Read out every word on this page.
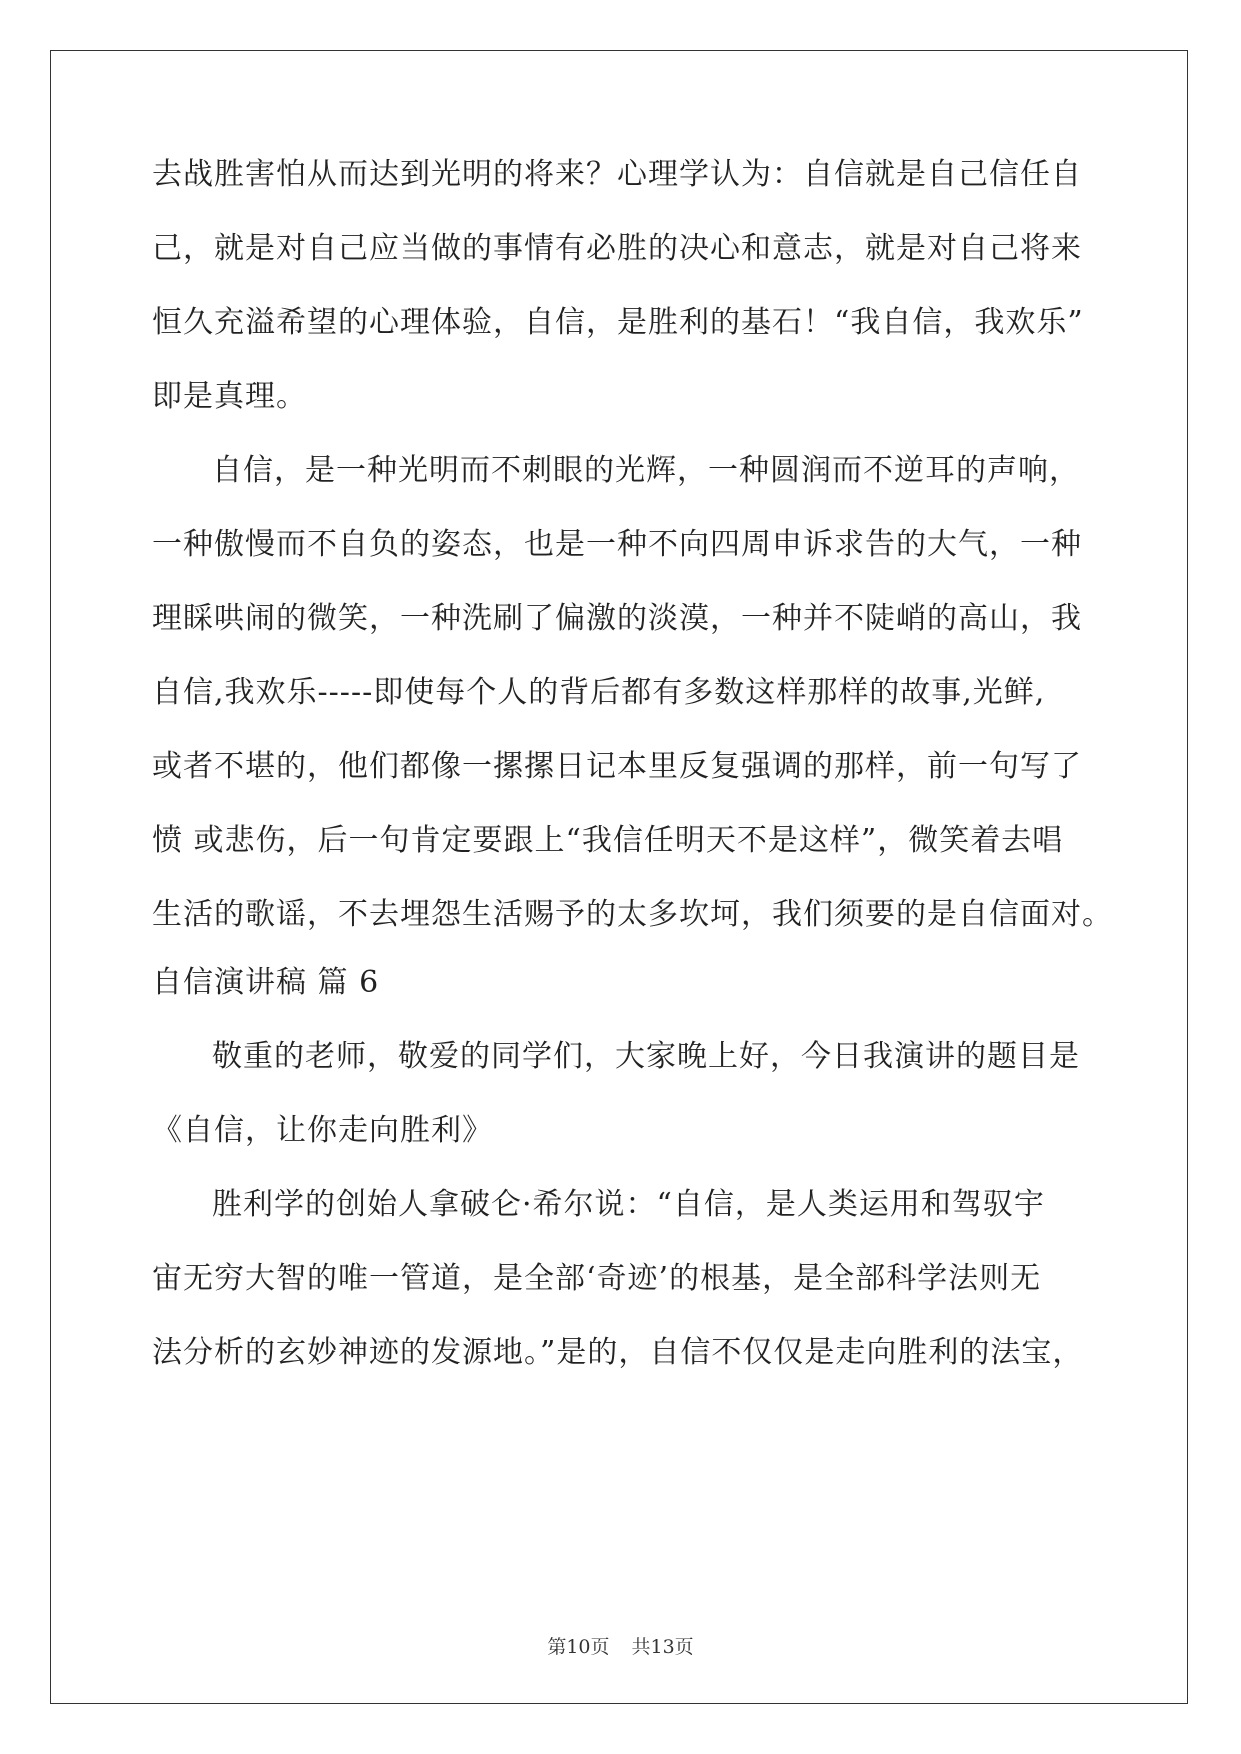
去战胜害怕从而达到光明的将来？心理学认为：自信就是自己信任自
己，就是对自己应当做的事情有必胜的决心和意志，就是对自己将来
恒久充溢希望的心理体验，自信，是胜利的基石！“我自信，我欢乐”
即是真理。
自信，是一种光明而不刺眼的光辉，一种圆润而不逆耳的声响，
一种傲慢而不自负的姿态，也是一种不向四周申诉求告的大气，一种
理睬哄闹的微笑，一种洗刷了偏激的淡漠，一种并不陡峭的高山，我
自信,我欢乐-----即使每个人的背后都有多数这样那样的故事,光鲜,
或者不堪的，他们都像一摞摞日记本里反复强调的那样，前一句写了
愤 或悲伤，后一句肯定要跟上“我信任明天不是这样”，微笑着去唱
生活的歌谣，不去埋怨生活赐予的太多坎坷，我们须要的是自信面对。
自信演讲稿 篇 6
敬重的老师，敬爱的同学们，大家晚上好，今日我演讲的题目是
《自信，让你走向胜利》
胜利学的创始人拿破仑·希尔说：“自信，是人类运用和驾驭宇
宙无穷大智的唯一管道，是全部‘奇迹’的根基，是全部科学法则无
法分析的玄妙神迹的发源地。”是的，自信不仅仅是走向胜利的法宝，
第10页 共13页
